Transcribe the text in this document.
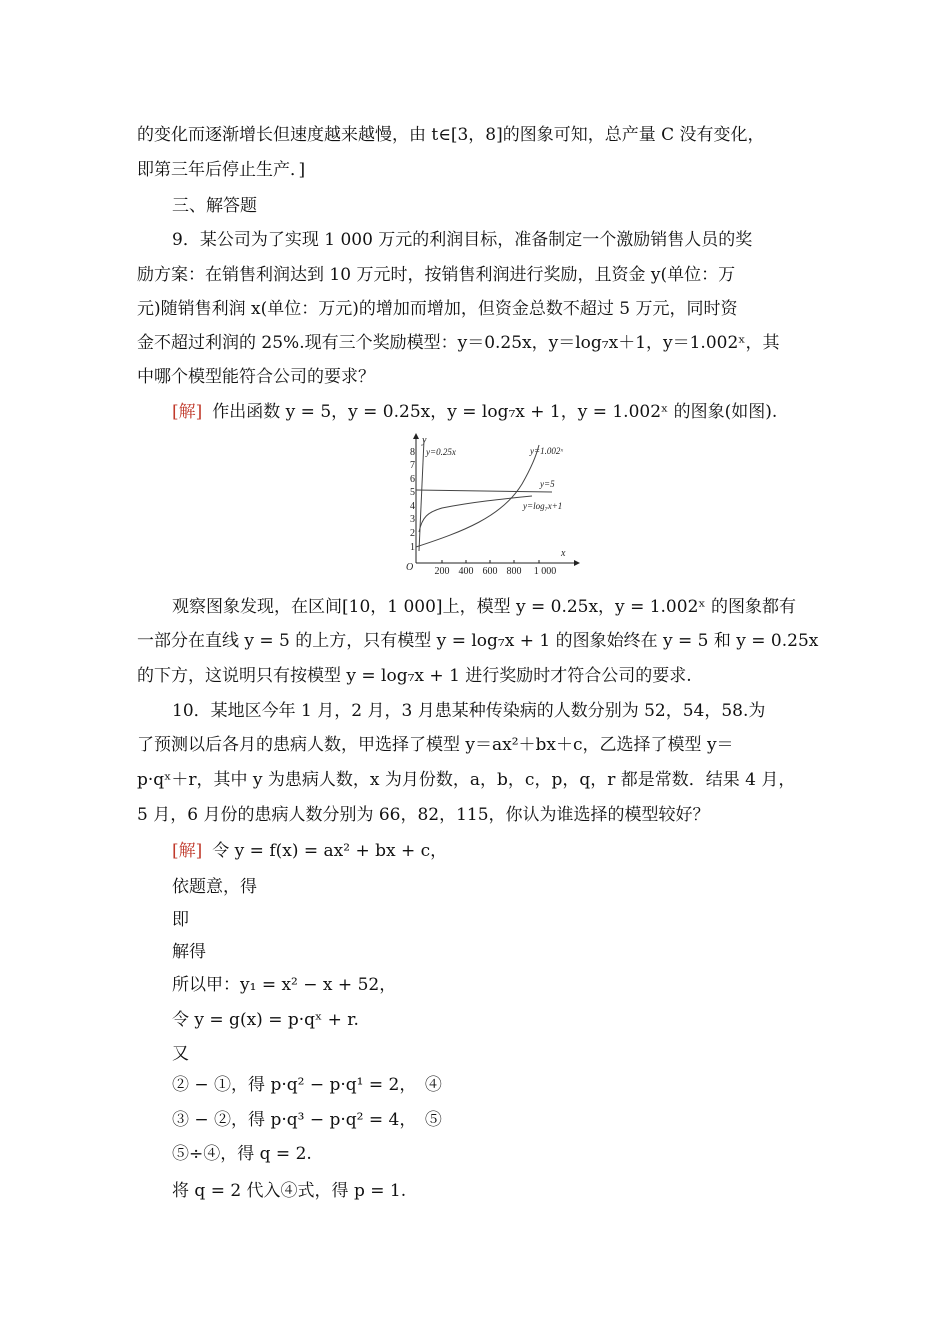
的变化而逐渐增长但速度越来越慢，由 t∈[3，8]的图象可知，总产量 C 没有变化，
即第三年后停止生产．]
三、解答题
9．某公司为了实现 1 000 万元的利润目标，准备制定一个激励销售人员的奖
励方案：在销售利润达到 10 万元时，按销售利润进行奖励，且资金 y(单位：万
元)随销售利润 x(单位：万元)的增加而增加，但资金总数不超过 5 万元，同时资
金不超过利润的 25%.现有三个奖励模型：y＝0.25x，y＝log₇x＋1，y＝1.002ˣ，其
中哪个模型能符合公司的要求？
[解] 作出函数 y = 5，y = 0.25x，y = log₇x + 1，y = 1.002ˣ 的图象(如图).
y
x
O
1
2
3
4
5
6
7
8
200 400 600 800 1 000
y=0.25x	y=1.002ˣ
y=5
y=log₇x+1
观察图象发现，在区间[10，1 000]上，模型 y = 0.25x，y = 1.002ˣ 的图象都有
一部分在直线 y = 5 的上方，只有模型 y = log₇x + 1 的图象始终在 y = 5 和 y = 0.25x
的下方，这说明只有按模型 y = log₇x + 1 进行奖励时才符合公司的要求.
10．某地区今年 1 月，2 月，3 月患某种传染病的人数分别为 52，54，58.为
了预测以后各月的患病人数，甲选择了模型 y＝ax²＋bx＋c，乙选择了模型 y＝
p·qˣ＋r，其中 y 为患病人数，x 为月份数，a，b，c，p，q，r 都是常数．结果 4 月，
5 月，6 月份的患病人数分别为 66，82，115，你认为谁选择的模型较好？
[解] 令 y = f(x) = ax² + bx + c，
依题意，得
即
解得
所以甲：y₁ = x² − x + 52，
令 y = g(x) = p·qˣ + r.
又
② − ①，得 p·q² − p·q¹ = 2，　④
③ − ②，得 p·q³ − p·q² = 4，　⑤
⑤÷④，得 q = 2.
将 q = 2 代入④式，得 p = 1.
